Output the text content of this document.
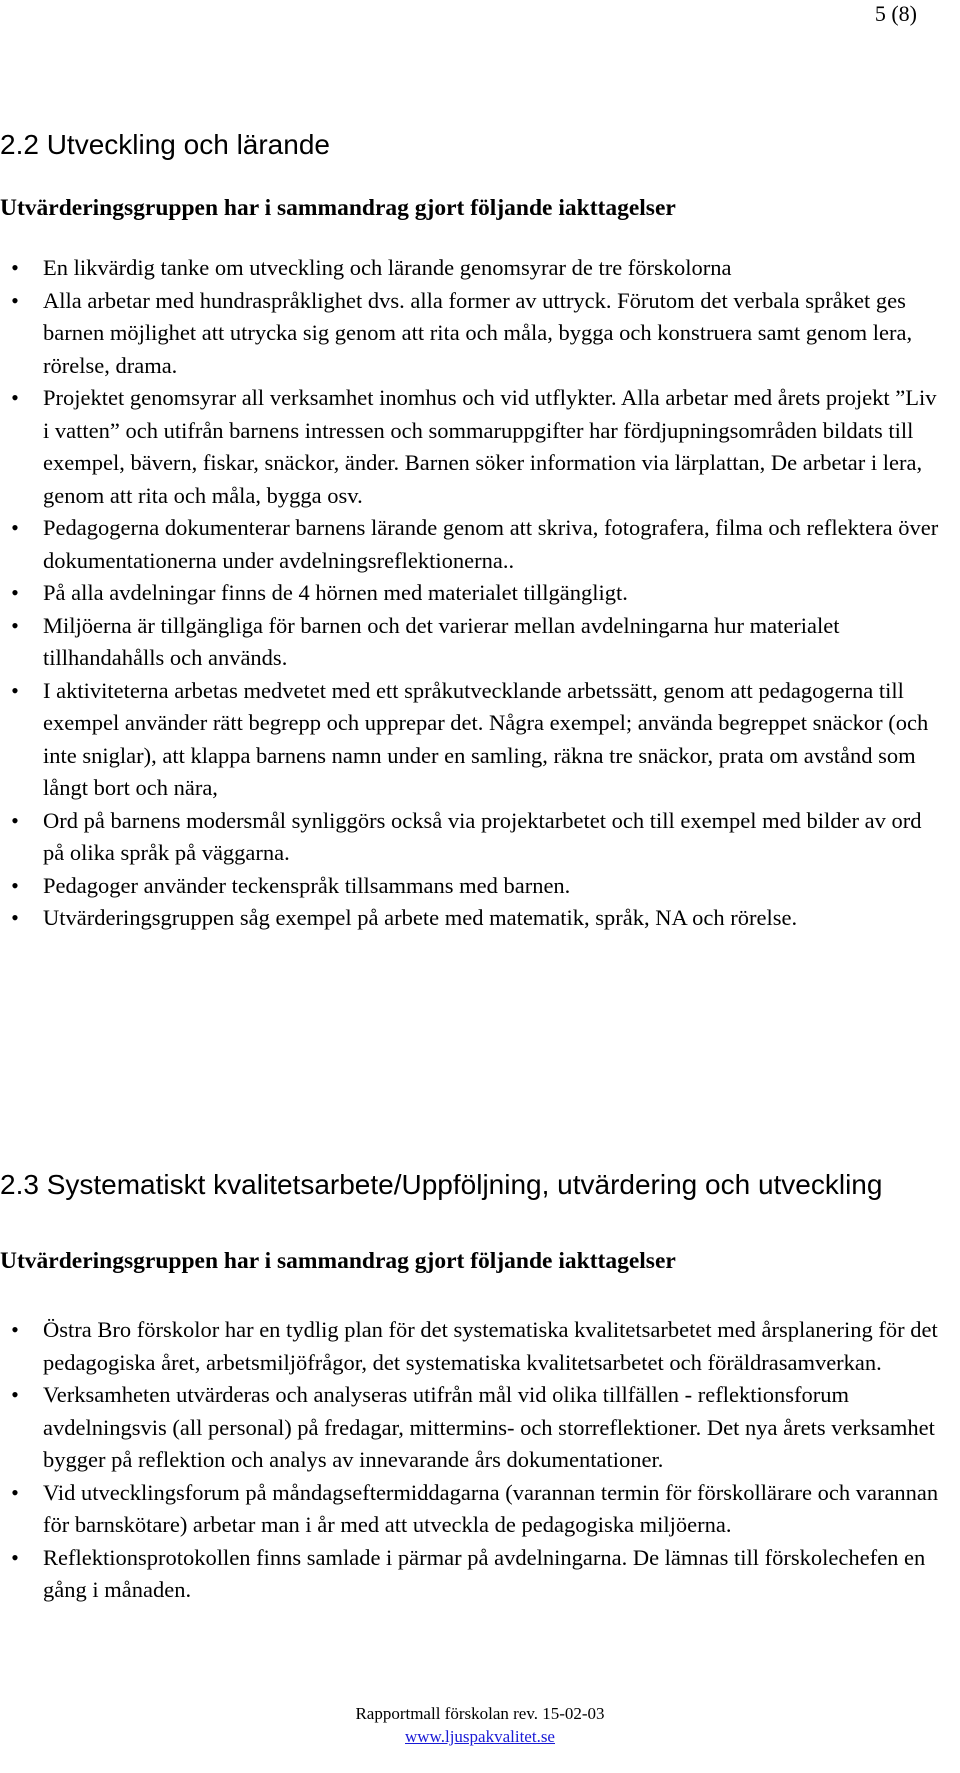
5 (8)
2.2 Utveckling och lärande
Utvärderingsgruppen har i sammandrag gjort följande iakttagelser
•
En likvärdig tanke om utveckling och lärande genomsyrar de tre förskolorna
•
Alla arbetar med hundraspråklighet dvs. alla former av uttryck. Förutom det verbala språket ges barnen möjlighet att utrycka sig genom att rita och måla, bygga och konstruera samt genom lera, rörelse, drama.
•
Projektet genomsyrar all verksamhet inomhus och vid utflykter. Alla arbetar med årets projekt ”Liv i vatten” och utifrån barnens intressen och sommaruppgifter har fördjupningsområden bildats till exempel, bävern, fiskar, snäckor, änder. Barnen söker information via lärplattan, De arbetar i lera, genom att rita och måla, bygga osv.
•
Pedagogerna dokumenterar barnens lärande genom att skriva, fotografera, filma och reflektera över dokumentationerna under avdelningsreflektionerna..
•
På alla avdelningar finns de 4 hörnen med materialet tillgängligt.
•
Miljöerna är tillgängliga för barnen och det varierar mellan avdelningarna hur materialet tillhandahålls och används.
•
I aktiviteterna arbetas medvetet med ett språkutvecklande arbetssätt, genom att pedagogerna till exempel använder rätt begrepp och upprepar det. Några exempel; använda begreppet snäckor (och inte sniglar), att klappa barnens namn under en samling, räkna tre snäckor, prata om avstånd som långt bort och nära,
•
Ord på barnens modersmål synliggörs också via projektarbetet och till exempel med bilder av ord på olika språk på väggarna.
•
Pedagoger använder teckenspråk tillsammans med barnen.
•
Utvärderingsgruppen såg exempel på arbete med matematik, språk, NA och rörelse.
2.3 Systematiskt kvalitetsarbete/Uppföljning, utvärdering och utveckling
Utvärderingsgruppen har i sammandrag gjort följande iakttagelser
•
Östra Bro förskolor har en tydlig plan för det systematiska kvalitetsarbetet med årsplanering för det pedagogiska året, arbetsmiljöfrågor, det systematiska kvalitetsarbetet och föräldrasamverkan.
•
Verksamheten utvärderas och analyseras utifrån mål vid olika tillfällen - reflektionsforum avdelningsvis (all personal) på fredagar, mittermins- och storreflektioner. Det nya årets verksamhet bygger på reflektion och analys av innevarande års dokumentationer.
•
Vid utvecklingsforum på måndagseftermiddagarna (varannan termin för förskollärare och varannan för barnskötare) arbetar man i år med att utveckla de pedagogiska miljöerna.
•
Reflektionsprotokollen finns samlade i pärmar på avdelningarna. De lämnas till förskolechefen en gång i månaden.
Rapportmall förskolan rev. 15-02-03
www.ljuspakvalitet.se
